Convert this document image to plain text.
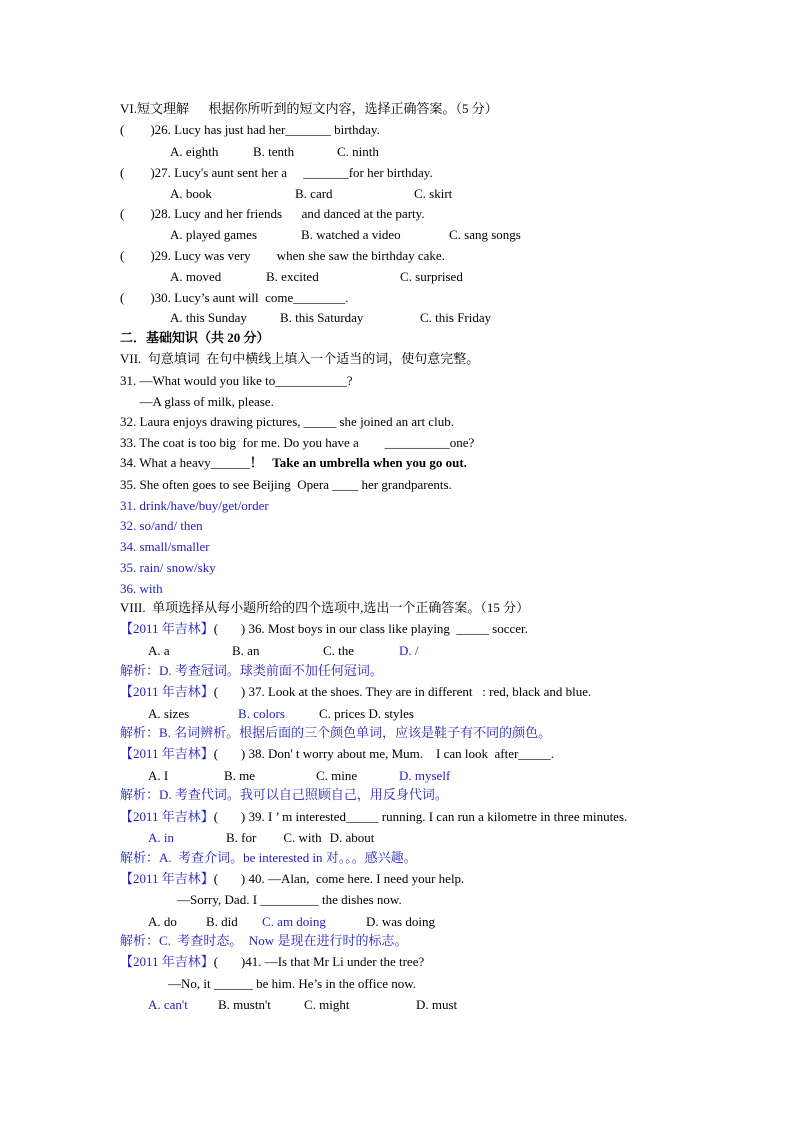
VI.短文理解      根据你所听到的短文内容，选择正确答案。（5 分）
(        )26. Lucy has just had her_______ birthday.
A. eighth	B. tenth	C. ninth
(        )27. Lucy's aunt sent her a     _______for her birthday.
A. book	B. card	C. skirt
(        )28. Lucy and her friends      and danced at the party.
A. played games	B. watched a video	C. sang songs
(        )29. Lucy was very        when she saw the birthday cake.
A. moved	B. excited	C. surprised
(        )30. Lucy’s aunt will  come________.
A. this Sunday	B. this Saturday	C. this Friday
二．基础知识（共 20 分）
VII.  句意填词  在句中横线上填入一个适当的词，使句意完整。
31. —What would you like to___________?
—A glass of milk, please.
32. Laura enjoys drawing pictures, _____ she joined an art club.
33. The coat is too big  for me. Do you have a        __________one?
34. What a heavy______！   Take an umbrella when you go out.
35. She often goes to see Beijing  Opera ____ her grandparents.
31. drink/have/buy/get/order
32. so/and/ then
34. small/smaller
35. rain/ snow/sky
36. with
VIII.  单项选择从每小题所给的四个选项中,选出一个正确答案。（15 分）
【2011 年吉林】(       ) 36. Most boys in our class like playing  _____ soccer.
A. a	B. an	C. the	D. /
解析：D. 考查冠词。球类前面不加任何冠词。
【2011 年吉林】(       ) 37. Look at the shoes. They are in different   : red, black and blue.
A. sizes	B. colors	C. prices D. styles
解析：B. 名词辨析。根据后面的三个颜色单词，应该是鞋子有不同的颜色。
【2011 年吉林】(       ) 38. Don' t worry about me, Mum.    I can look  after_____.
A. I	B. me	C. mine	D. myself
解析：D. 考查代词。我可以自己照顾自己，用反身代词。
【2011 年吉林】(       ) 39. I ’ m interested_____ running. I can run a kilometre in three minutes.
A. in	B. for C. with D. about
解析：A.  考查介词。be interested in 对。。。感兴趣。
【2011 年吉林】(       ) 40. —Alan,  come here. I need your help.
—Sorry, Dad. I _________ the dishes now.
A. do B. did C. am doing	D. was doing
解析：C.  考查时态。  Now 是现在进行时的标志。
【2011 年吉林】(       )41. —Is that Mr Li under the tree?
—No, it ______ be him. He’s in the office now.
A. can't B. mustn't	C. might	D. must
